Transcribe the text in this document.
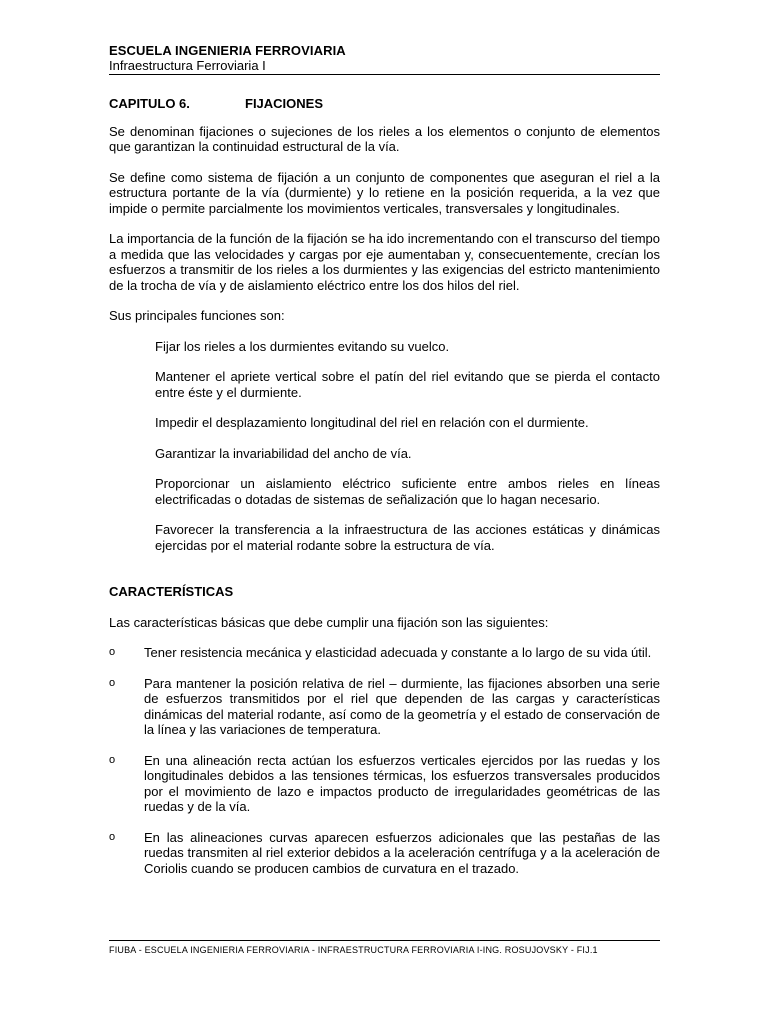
ESCUELA INGENIERIA FERROVIARIA
Infraestructura Ferroviaria I
CAPITULO 6.	FIJACIONES

Se denominan fijaciones o sujeciones de los rieles a los elementos o conjunto de elementos que garantizan la continuidad estructural de la vía.

Se define como sistema de fijación a un conjunto de componentes que aseguran el riel a la estructura portante de la vía (durmiente) y lo retiene en la posición requerida, a la vez que impide o permite parcialmente los movimientos verticales, transversales y longitudinales.

La importancia de la función de la fijación se ha ido incrementando con el transcurso del tiempo a medida que las velocidades y cargas por eje aumentaban y, consecuentemente, crecían los esfuerzos a transmitir de los rieles a los durmientes y las exigencias del estricto mantenimiento de la trocha de vía y de aislamiento eléctrico entre los dos hilos del riel.

Sus principales funciones son:

Fijar los rieles a los durmientes evitando su vuelco.
Mantener el apriete vertical sobre el patín del riel evitando que se pierda el contacto entre éste y el durmiente.
Impedir el desplazamiento longitudinal del riel en relación con el durmiente.
Garantizar la invariabilidad del ancho de vía.
Proporcionar un aislamiento eléctrico suficiente entre ambos rieles en líneas electrificadas o dotadas de sistemas de señalización que lo hagan necesario.
Favorecer la transferencia a la infraestructura de las acciones estáticas y dinámicas ejercidas por el material rodante sobre la estructura de vía.
CARACTERÍSTICAS

Las características básicas que debe cumplir una fijación son las siguientes:

o Tener resistencia mecánica y elasticidad adecuada y constante a lo largo de su vida útil.
o Para mantener la posición relativa de riel – durmiente, las fijaciones absorben una serie de esfuerzos transmitidos por el riel que dependen de las cargas y características dinámicas del material rodante, así como de la geometría y el estado de conservación de la línea y las variaciones de temperatura.
o En una alineación recta actúan los esfuerzos verticales ejercidos por las ruedas y los longitudinales debidos a las tensiones térmicas, los esfuerzos transversales producidos por el movimiento de lazo e impactos producto de irregularidades geométricas de las ruedas y de la vía.
o En las alineaciones curvas aparecen esfuerzos adicionales que las pestañas de las ruedas transmiten al riel exterior debidos a la aceleración centrífuga y a la aceleración de Coriolis cuando se producen cambios de curvatura en el trazado.
FIUBA - ESCUELA INGENIERIA FERROVIARIA - INFRAESTRUCTURA FERROVIARIA I-ING. ROSUJOVSKY - FIJ.1
